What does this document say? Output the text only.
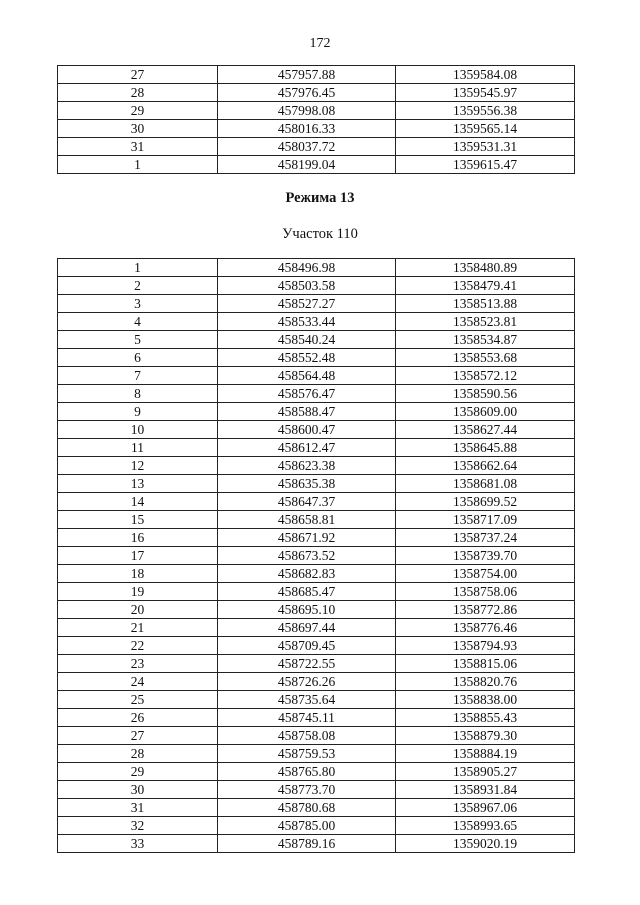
172
27	457957.88	1359584.08
28	457976.45	1359545.97
29	457998.08	1359556.38
30	458016.33	1359565.14
31	458037.72	1359531.31
1	458199.04	1359615.47
Режима 13
Участок 110
1	458496.98	1358480.89
2	458503.58	1358479.41
3	458527.27	1358513.88
4	458533.44	1358523.81
5	458540.24	1358534.87
6	458552.48	1358553.68
7	458564.48	1358572.12
8	458576.47	1358590.56
9	458588.47	1358609.00
10	458600.47	1358627.44
11	458612.47	1358645.88
12	458623.38	1358662.64
13	458635.38	1358681.08
14	458647.37	1358699.52
15	458658.81	1358717.09
16	458671.92	1358737.24
17	458673.52	1358739.70
18	458682.83	1358754.00
19	458685.47	1358758.06
20	458695.10	1358772.86
21	458697.44	1358776.46
22	458709.45	1358794.93
23	458722.55	1358815.06
24	458726.26	1358820.76
25	458735.64	1358838.00
26	458745.11	1358855.43
27	458758.08	1358879.30
28	458759.53	1358884.19
29	458765.80	1358905.27
30	458773.70	1358931.84
31	458780.68	1358967.06
32	458785.00	1358993.65
33	458789.16	1359020.19
